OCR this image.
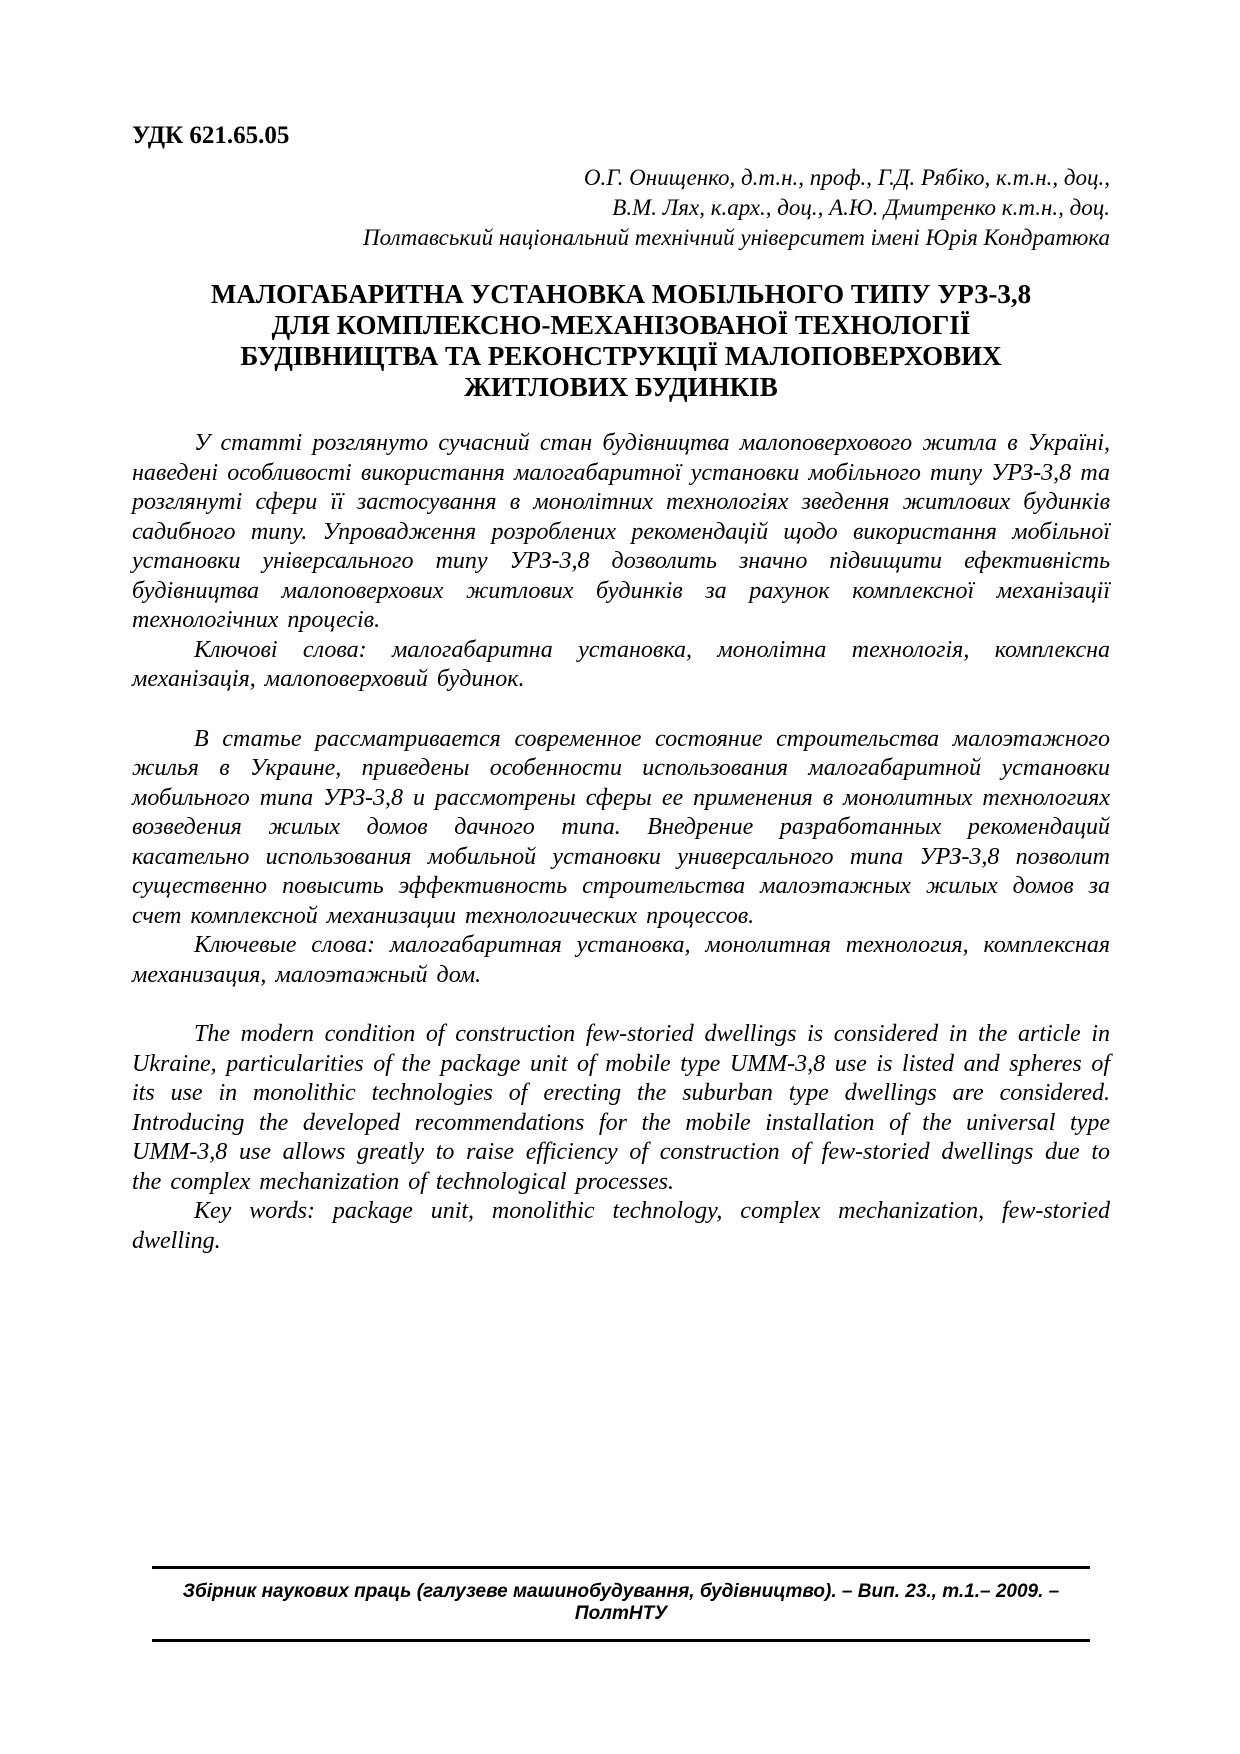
УДК 621.65.05
О.Г. Онищенко, д.т.н., проф., Г.Д. Рябіко, к.т.н., доц.,
В.М. Лях, к.арх., доц., А.Ю. Дмитренко к.т.н., доц.
Полтавський національний технічний університет імені Юрія Кондратюка
МАЛОГАБАРИТНА УСТАНОВКА МОБІЛЬНОГО ТИПУ УРЗ-3,8
ДЛЯ КОМПЛЕКСНО-МЕХАНІЗОВАНОЇ ТЕХНОЛОГІЇ
БУДІВНИЦТВА ТА РЕКОНСТРУКЦІЇ МАЛОПОВЕРХОВИХ
ЖИТЛОВИХ БУДИНКІВ

У статті розглянуто сучасний стан будівництва малоповерхового житла в Україні, наведені особливості використання малогабаритної установки мобільного типу УРЗ-3,8 та розглянуті сфери її застосування в монолітних технологіях зведення житлових будинків садибного типу. Упровадження розроблених рекомендацій щодо використання мобільної установки універсального типу УРЗ-3,8 дозволить значно підвищити ефективність будівництва малоповерхових житлових будинків за рахунок комплексної механізації технологічних процесів.

Ключові слова: малогабаритна установка, монолітна технологія, комплексна механізація, малоповерховий будинок.

В статье рассматривается современное состояние строительства малоэтажного жилья в Украине, приведены особенности использования малогабаритной установки мобильного типа УРЗ-3,8 и рассмотрены сферы ее применения в монолитных технологиях возведения жилых домов дачного типа. Внедрение разработанных рекомендаций касательно использования мобильной установки универсального типа УРЗ-3,8 позволит существенно повысить эффективность строительства малоэтажных жилых домов за счет комплексной механизации технологических процессов.

Ключевые слова: малогабаритная установка, монолитная технология, комплексная механизация, малоэтажный дом.

The modern condition of construction few-storied dwellings is considered in the article in Ukraine, particularities of the package unit of mobile type UMM-3,8 use is listed and spheres of its use in monolithic technologies of erecting the suburban type dwellings are considered. Introducing the developed recommendations for the mobile installation of the universal type UMM-3,8 use allows greatly to raise efficiency of construction of few-storied dwellings due to the complex mechanization of technological processes.

Key words: package unit, monolithic technology, complex mechanization, few-storied dwelling.

Збірник наукових праць (галузеве машинобудування, будівництво). – Вип. 23., т.1.– 2009. – ПолтНТУ
